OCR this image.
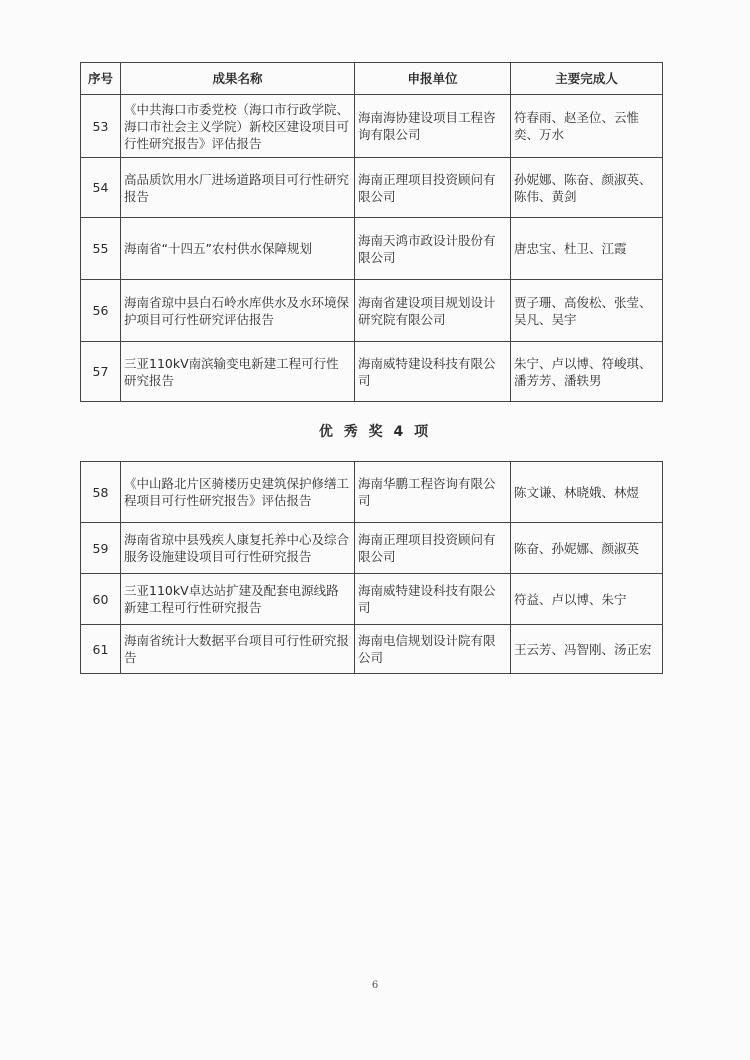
序号	成果名称	申报单位	主要完成人
53	《中共海口市委党校（海口市行政学院、海口市社会主义学院）新校区建设项目可行性研究报告》评估报告	海南海协建设项目工程咨询有限公司	符春雨、赵圣位、云惟奕、万水
54	高品质饮用水厂进场道路项目可行性研究报告	海南正理项目投资顾问有限公司	孙妮娜、陈奋、颜淑英、陈伟、黄剑
55	海南省“十四五”农村供水保障规划	海南天鸿市政设计股份有限公司	唐忠宝、杜卫、江霞
56	海南省琼中县白石岭水库供水及水环境保护项目可行性研究评估报告	海南省建设项目规划设计研究院有限公司	贾子珊、高俊松、张莹、吴凡、吴宇
57	三亚110kV南滨输变电新建工程可行性研究报告	海南威特建设科技有限公司	朱宁、卢以博、符峻琪、潘芳芳、潘轶男
优 秀 奖 4 项
58	《中山路北片区骑楼历史建筑保护修缮工程项目可行性研究报告》评估报告	海南华鹏工程咨询有限公司	陈文谦、林晓娥、林煜
59	海南省琼中县残疾人康复托养中心及综合服务设施建设项目可行性研究报告	海南正理项目投资顾问有限公司	陈奋、孙妮娜、颜淑英
60	三亚110kV卓达站扩建及配套电源线路新建工程可行性研究报告	海南威特建设科技有限公司	符益、卢以博、朱宁
61	海南省统计大数据平台项目可行性研究报告	海南电信规划设计院有限公司	王云芳、冯智刚、汤正宏
6
